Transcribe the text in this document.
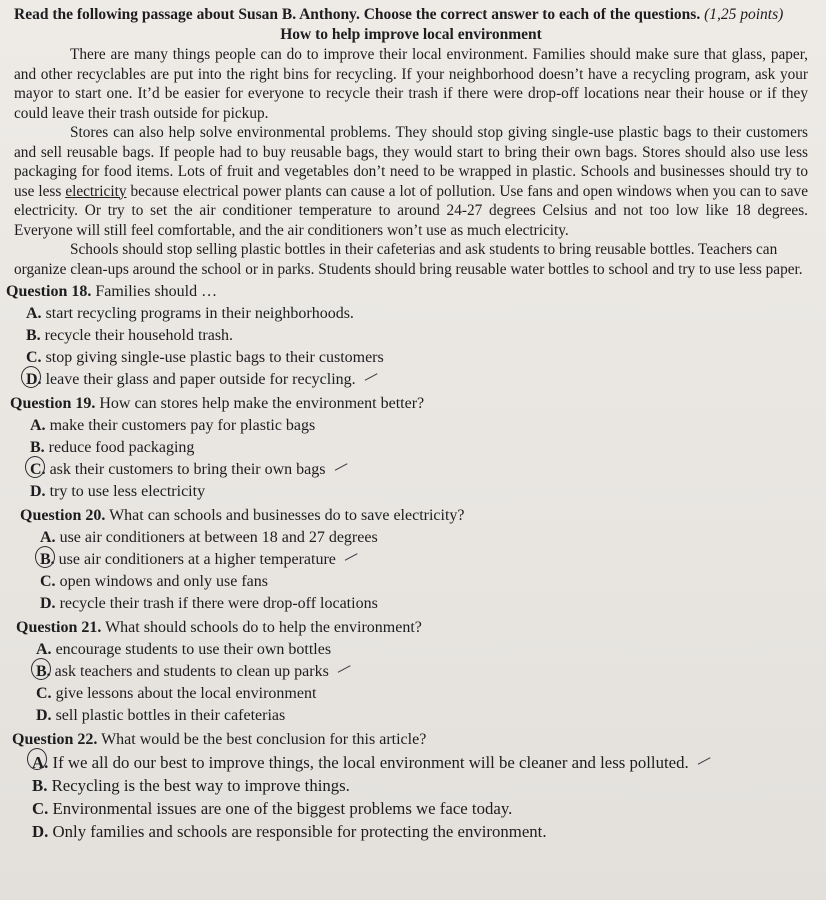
Read the following passage about Susan B. Anthony. Choose the correct answer to each of the questions. (1,25 points)
How to help improve local environment

There are many things people can do to improve their local environment. Families should make sure that glass, paper, and other recyclables are put into the right bins for recycling. If your neighborhood doesn’t have a recycling program, ask your mayor to start one. It’d be easier for everyone to recycle their trash if there were drop-off locations near their house or if they could leave their trash outside for pickup.

Stores can also help solve environmental problems. They should stop giving single-use plastic bags to their customers and sell reusable bags. If people had to buy reusable bags, they would start to bring their own bags. Stores should also use less packaging for food items. Lots of fruit and vegetables don’t need to be wrapped in plastic. Schools and businesses should try to use less electricity because electrical power plants can cause a lot of pollution. Use fans and open windows when you can to save electricity. Or try to set the air conditioner temperature to around 24-27 degrees Celsius and not too low like 18 degrees. Everyone will still feel comfortable, and the air conditioners won’t use as much electricity.

Schools should stop selling plastic bottles in their cafeterias and ask students to bring reusable bottles. Teachers can organize clean-ups around the school or in parks. Students should bring reusable water bottles to school and try to use less paper.

Question 18. Families should …
A. start recycling programs in their neighborhoods.
B. recycle their household trash.
C. stop giving single-use plastic bags to their customers
D. leave their glass and paper outside for recycling.
Question 19. How can stores help make the environment better?
A. make their customers pay for plastic bags
B. reduce food packaging
C. ask their customers to bring their own bags
D. try to use less electricity
Question 20. What can schools and businesses do to save electricity?
A. use air conditioners at between 18 and 27 degrees
B. use air conditioners at a higher temperature
C. open windows and only use fans
D. recycle their trash if there were drop-off locations
Question 21. What should schools do to help the environment?
A. encourage students to use their own bottles
B. ask teachers and students to clean up parks
C. give lessons about the local environment
D. sell plastic bottles in their cafeterias
Question 22. What would be the best conclusion for this article?
A. If we all do our best to improve things, the local environment will be cleaner and less polluted.
B. Recycling is the best way to improve things.
C. Environmental issues are one of the biggest problems we face today.
D. Only families and schools are responsible for protecting the environment.
